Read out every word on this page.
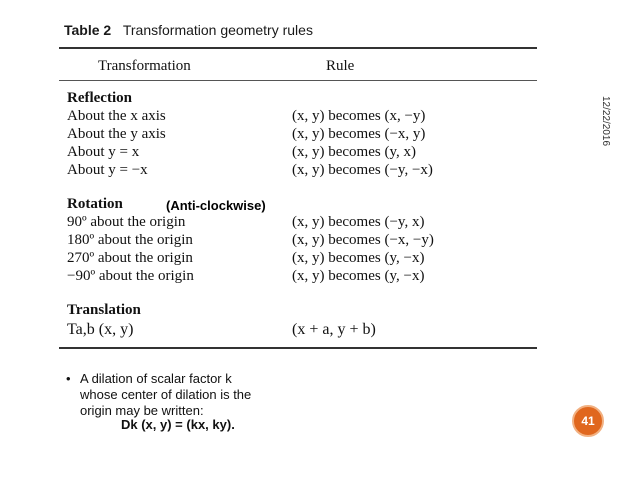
Table 2 Transformation geometry rules
Transformation	Rule
Reflection
About the x axis	(x, y) becomes (x, −y)
About the y axis	(x, y) becomes (−x, y)
About y = x	(x, y) becomes (y, x)
About y = −x	(x, y) becomes (−y, −x)
Rotation
90º about the origin	(x, y) becomes (−y, x)
180º about the origin	(x, y) becomes (−x, −y)
270º about the origin	(x, y) becomes (y, −x)
−90º about the origin	(x, y) becomes (y, −x)
(Anti-clockwise)
Translation
Ta,b (x, y)	(x + a, y + b)
12/22/2016
• A dilation of scalar factor k
whose center of dilation is the
origin may be written:
Dk (x, y) = (kx, ky).	41
